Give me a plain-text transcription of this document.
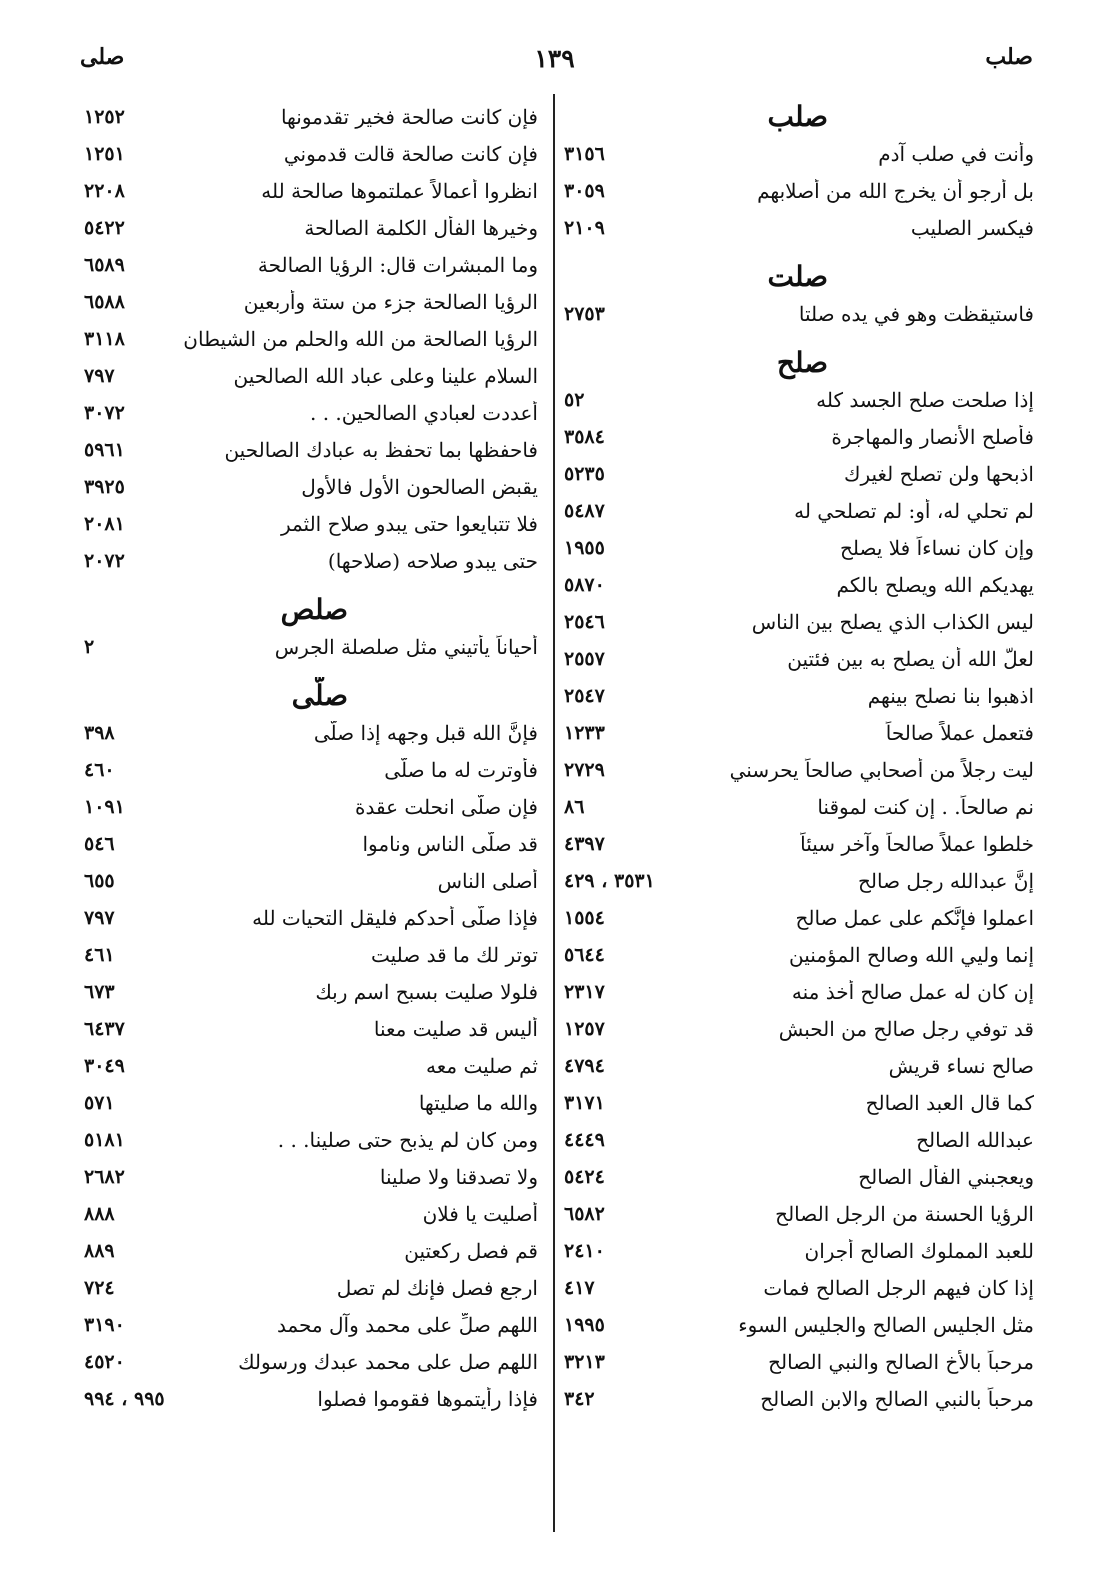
صلب
١٣٩
صلى
صلب
وأنت في صلب آدم
٣١٥٦
بل أرجو أن يخرج الله من أصلابهم
٣٠٥٩
فيكسر الصليب
٢١٠٩
صلت
فاستيقظت وهو في يده صلتا
٢٧٥٣
صلح
إذا صلحت صلح الجسد كله
٥٢
فأصلح الأنصار والمهاجرة
٣٥٨٤
اذبحها ولن تصلح لغيرك
٥٢٣٥
لم تحلي له، أو: لم تصلحي له
٥٤٨٧
وإن كان نساءاً فلا يصلح
١٩٥٥
يهديكم الله ويصلح بالكم
٥٨٧٠
ليس الكذاب الذي يصلح بين الناس
٢٥٤٦
لعلَّ الله أن يصلح به بين فئتين
٢٥٥٧
اذهبوا بنا نصلح بينهم
٢٥٤٧
فتعمل عملاً صالحاً
١٢٣٣
ليت رجلاً من أصحابي صالحاً يحرسني
٢٧٢٩
نم صالحاً. . إن كنت لموقنا
٨٦
خلطوا عملاً صالحاً وآخر سيئاً
٤٣٩٧
إنَّ عبدالله رجل صالح
٣٥٣١ ، ٤٢٩
اعملوا فإنَّكم على عمل صالح
١٥٥٤
إنما وليي الله وصالح المؤمنين
٥٦٤٤
إن كان له عمل صالح أخذ منه
٢٣١٧
قد توفي رجل صالح من الحبش
١٢٥٧
صالح نساء قريش
٤٧٩٤
كما قال العبد الصالح
٣١٧١
عبدالله الصالح
٤٤٤٩
ويعجبني الفأل الصالح
٥٤٢٤
الرؤيا الحسنة من الرجل الصالح
٦٥٨٢
للعبد المملوك الصالح أجران
٢٤١٠
إذا كان فيهم الرجل الصالح فمات
٤١٧
مثل الجليس الصالح والجليس السوء
١٩٩٥
مرحباً بالأخ الصالح والنبي الصالح
٣٢١٣
مرحباً بالنبي الصالح والابن الصالح
٣٤٢
فإن كانت صالحة فخير تقدمونها
١٢٥٢
فإن كانت صالحة قالت قدموني
١٢٥١
انظروا أعمالاً عملتموها صالحة لله
٢٢٠٨
وخيرها الفأل الكلمة الصالحة
٥٤٢٢
وما المبشرات قال: الرؤيا الصالحة
٦٥٨٩
الرؤيا الصالحة جزء من ستة وأربعين
٦٥٨٨
الرؤيا الصالحة من الله والحلم من الشيطان
٣١١٨
السلام علينا وعلى عباد الله الصالحين
٧٩٧
أعددت لعبادي الصالحين. . .
٣٠٧٢
فاحفظها بما تحفظ به عبادك الصالحين
٥٩٦١
يقبض الصالحون الأول فالأول
٣٩٢٥
فلا تتبايعوا حتى يبدو صلاح الثمر
٢٠٨١
حتى يبدو صلاحه (صلاحها)
٢٠٧٢
صلص
أحياناً يأتيني مثل صلصلة الجرس
٢
صلَّى
فإنَّ الله قبل وجهه إذا صلَّى
٣٩٨
فأوترت له ما صلَّى
٤٦٠
فإن صلَّى انحلت عقدة
١٠٩١
قد صلَّى الناس وناموا
٥٤٦
أصلى الناس
٦٥٥
فإذا صلَّى أحدكم فليقل التحيات لله
٧٩٧
توتر لك ما قد صليت
٤٦١
فلولا صليت بسبح اسم ربك
٦٧٣
أليس قد صليت معنا
٦٤٣٧
ثم صليت معه
٣٠٤٩
والله ما صليتها
٥٧١
ومن كان لم يذبح حتى صلينا. . .
٥١٨١
ولا تصدقنا ولا صلينا
٢٦٨٢
أصليت يا فلان
٨٨٨
قم فصل ركعتين
٨٨٩
ارجع فصل فإنك لم تصل
٧٢٤
اللهم صلِّ على محمد وآل محمد
٣١٩٠
اللهم صل على محمد عبدك ورسولك
٤٥٢٠
فإذا رأيتموها فقوموا فصلوا
٩٩٥ ، ٩٩٤
